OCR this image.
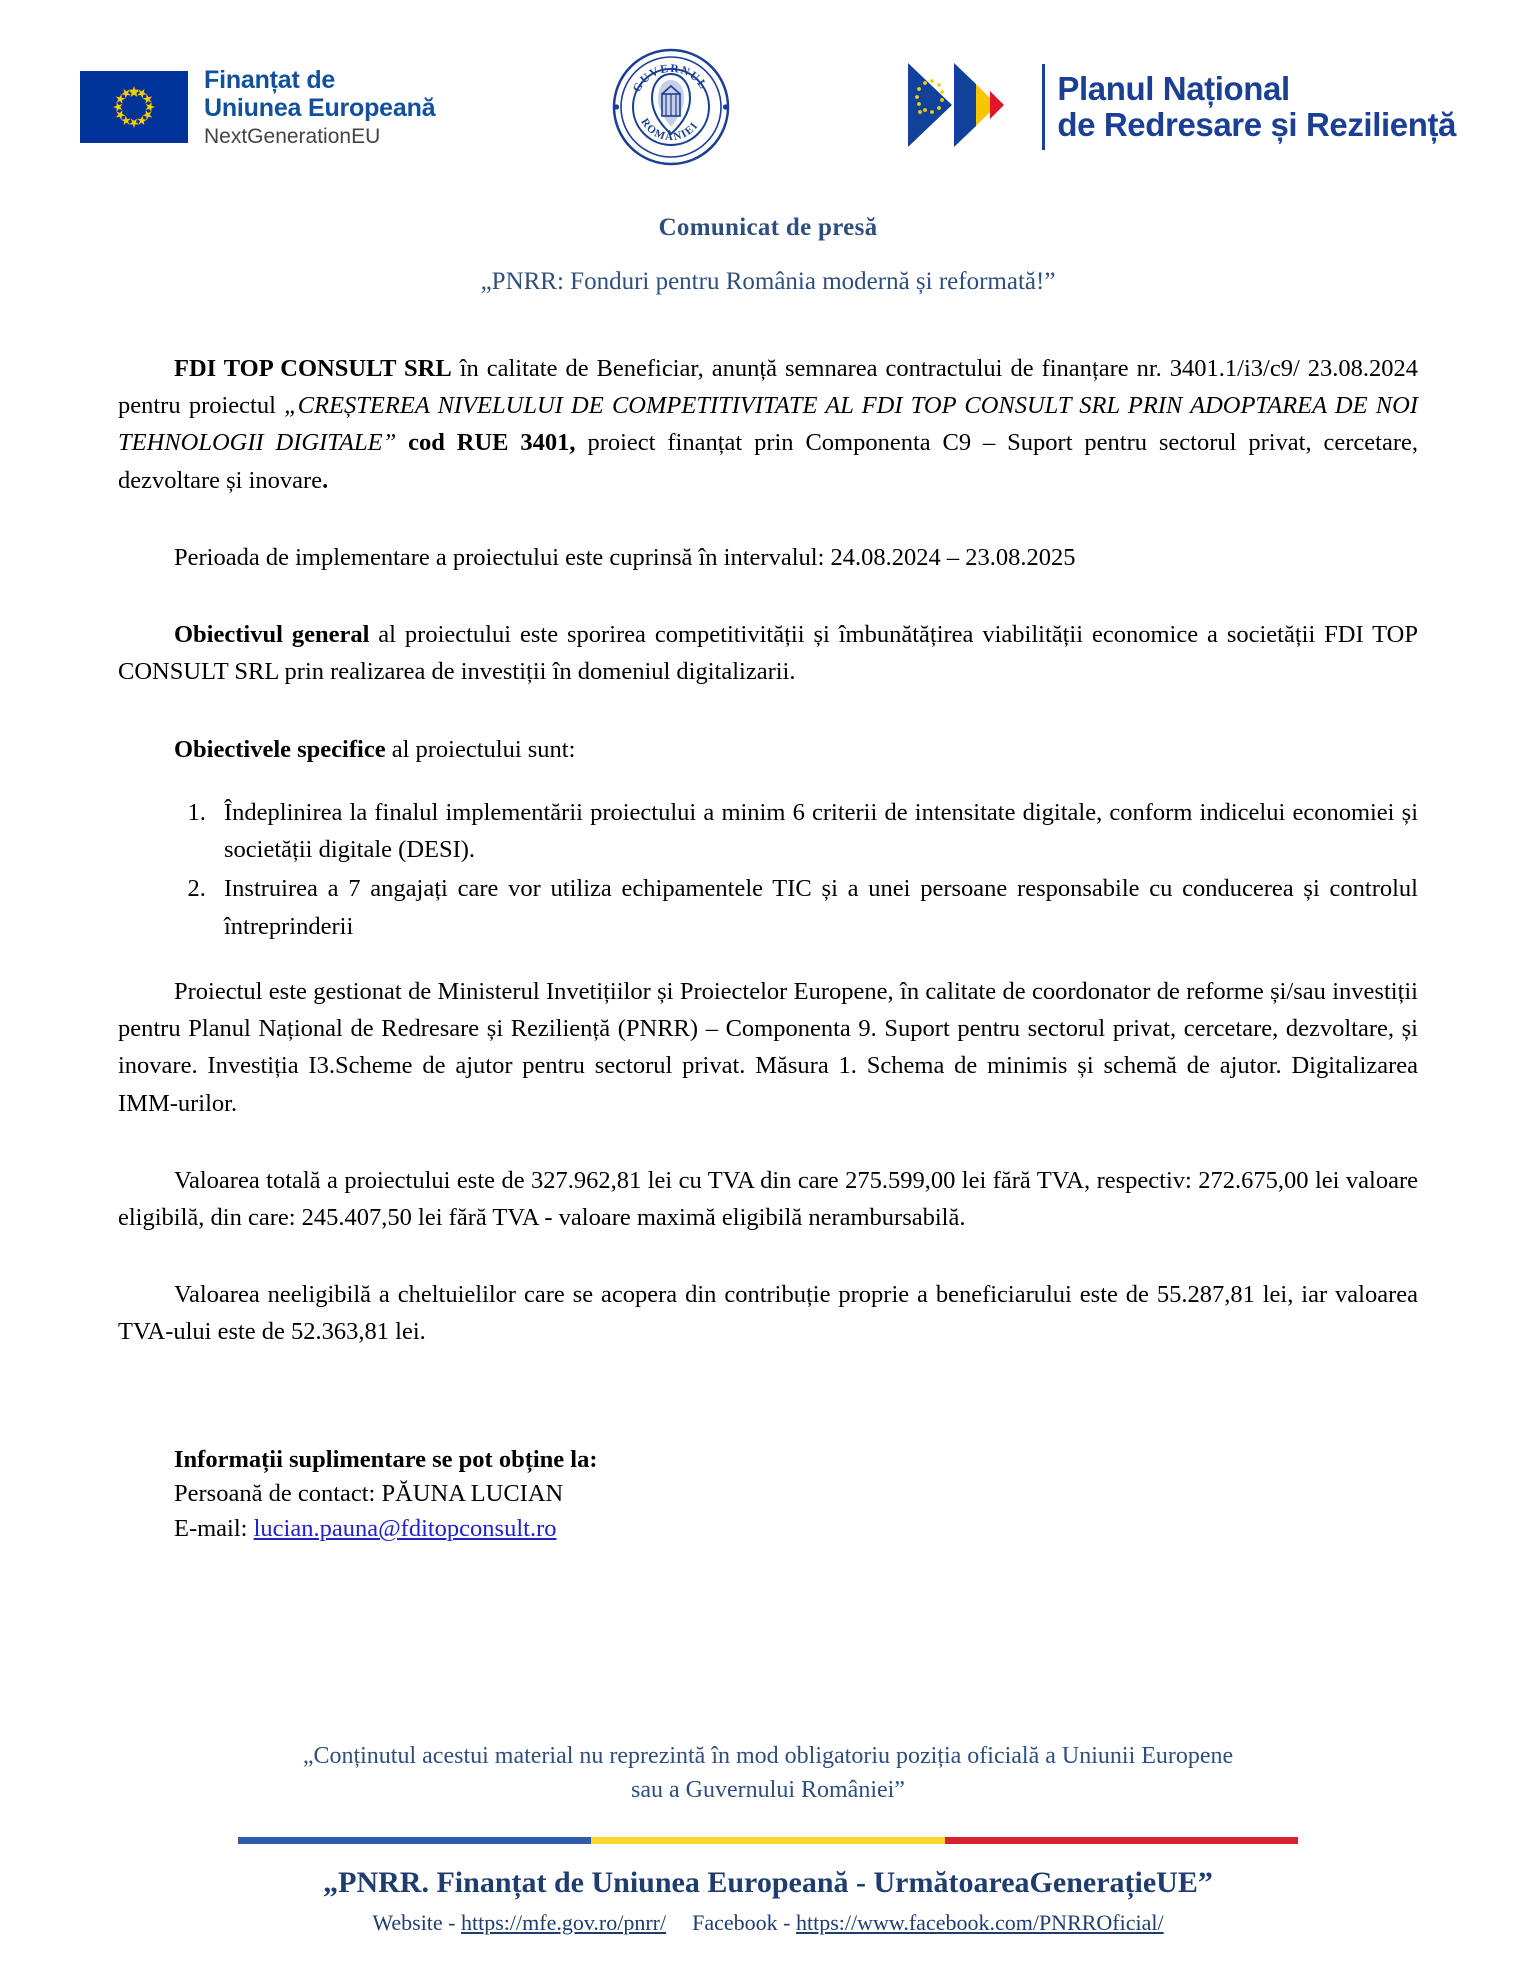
Finanțat de
Uniunea Europeană
NextGenerationEU
GUVERNUL
ROMÂNIEI
Planul Național
de Redresare și Reziliență
Comunicat de presă
„PNRR: Fonduri pentru România modernă și reformată!”

FDI TOP CONSULT SRL în calitate de Beneficiar, anunță semnarea contractului de finanțare nr. 3401.1/i3/c9/ 23.08.2024 pentru proiectul „CREȘTEREA NIVELULUI DE COMPETITIVITATE AL FDI TOP CONSULT SRL PRIN ADOPTAREA DE NOI TEHNOLOGII DIGITALE” cod RUE 3401, proiect finanțat prin Componenta C9 – Suport pentru sectorul privat, cercetare, dezvoltare și inovare.

Perioada de implementare a proiectului este cuprinsă în intervalul: 24.08.2024 – 23.08.2025

Obiectivul general al proiectului este sporirea competitivității și îmbunătățirea viabilității economice a societății FDI TOP CONSULT SRL prin realizarea de investiții în domeniul digitalizarii.

Obiectivele specifice al proiectului sunt:

1. Îndeplinirea la finalul implementării proiectului a minim 6 criterii de intensitate digitale, conform indicelui economiei și societății digitale (DESI).
2. Instruirea a 7 angajați care vor utiliza echipamentele TIC și a unei persoane responsabile cu conducerea și controlul întreprinderii

Proiectul este gestionat de Ministerul Invetițiilor și Proiectelor Europene, în calitate de coordonator de reforme și/sau investiții pentru Planul Național de Redresare și Reziliență (PNRR) – Componenta 9. Suport pentru sectorul privat, cercetare, dezvoltare, și inovare. Investiția I3.Scheme de ajutor pentru sectorul privat. Măsura 1. Schema de minimis și schemă de ajutor. Digitalizarea IMM-urilor.

Valoarea totală a proiectului este de 327.962,81 lei cu TVA din care 275.599,00 lei fără TVA, respectiv: 272.675,00 lei valoare eligibilă, din care: 245.407,50 lei fără TVA - valoare maximă eligibilă nerambursabilă.

Valoarea neeligibilă a cheltuielilor care se acopera din contribuție proprie a beneficiarului este de 55.287,81 lei, iar valoarea TVA-ului este de 52.363,81 lei.

Informații suplimentare se pot obține la:
Persoană de contact: PĂUNA LUCIAN
E-mail: lucian.pauna@fditopconsult.ro
„Conținutul acestui material nu reprezintă în mod obligatoriu poziția oficială a Uniunii Europene
sau a Guvernului României”
„PNRR. Finanțat de Uniunea Europeană - UrmătoareaGenerațieUE”
Website - https://mfe.gov.ro/pnrr/ Facebook - https://www.facebook.com/PNRROficial/
